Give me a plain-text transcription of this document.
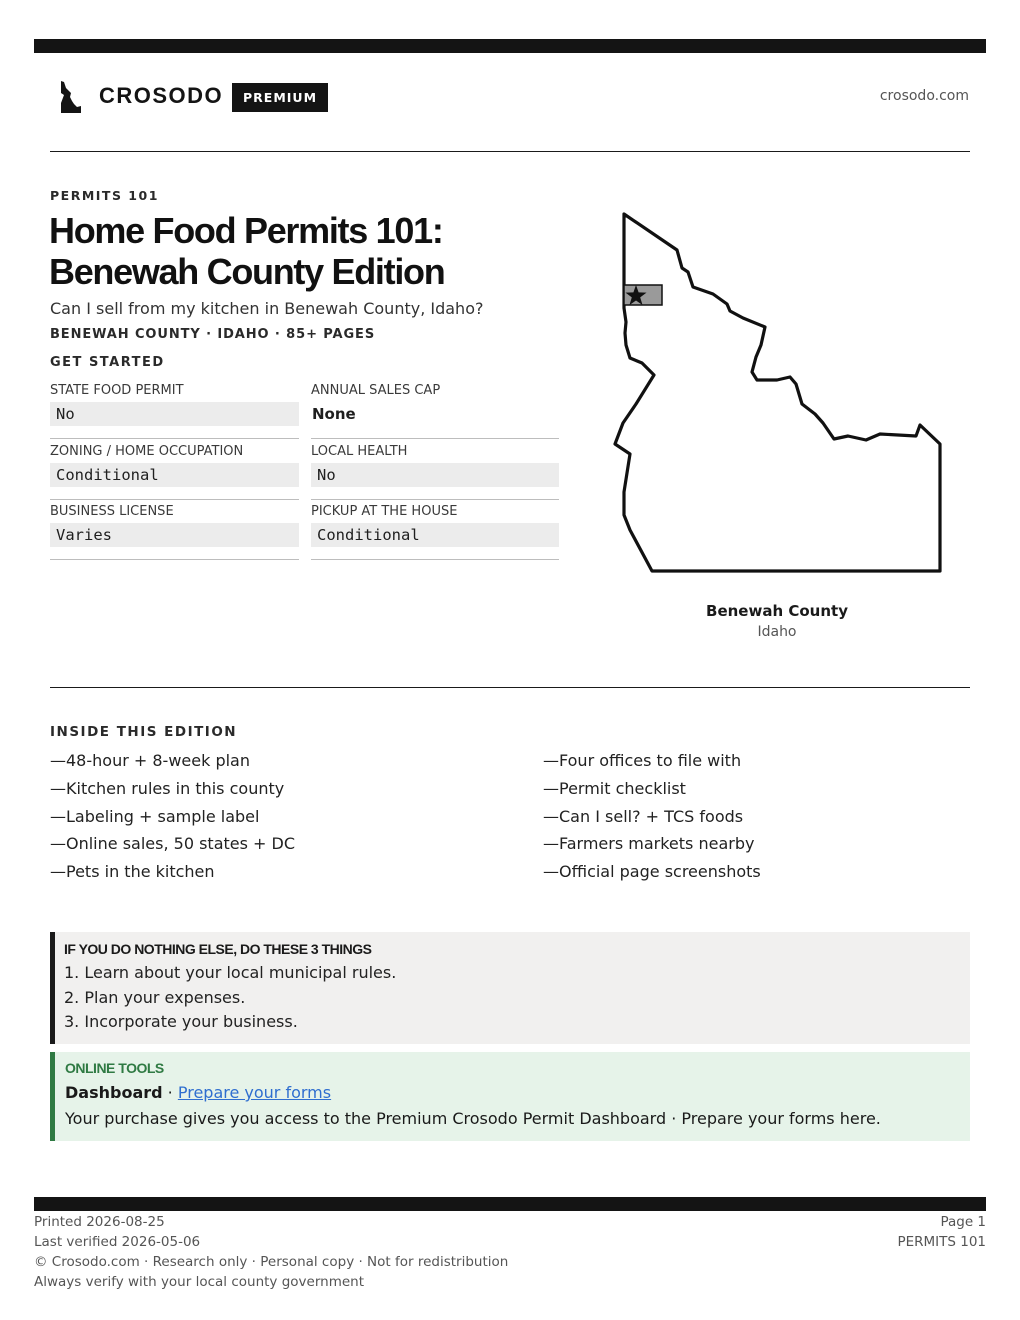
CROSODO	PREMIUM	crosodo.com
PERMITS 101
Home Food Permits 101:
Benewah County Edition
Can I sell from my kitchen in Benewah County, Idaho?
BENEWAH COUNTY · IDAHO · 85+ PAGES
GET STARTED
STATE FOOD PERMIT
No
ANNUAL SALES CAP
None
ZONING / HOME OCCUPATION
Conditional
LOCAL HEALTH
No
BUSINESS LICENSE
Varies
PICKUP AT THE HOUSE
Conditional
Benewah County
Idaho
INSIDE THIS EDITION
—48-hour + 8-week plan
—Kitchen rules in this county
—Labeling + sample label
—Online sales, 50 states + DC
—Pets in the kitchen
—Four offices to file with
—Permit checklist
—Can I sell? + TCS foods
—Farmers markets nearby
—Official page screenshots
IF YOU DO NOTHING ELSE, DO THESE 3 THINGS
1. Learn about your local municipal rules.
2. Plan your expenses.
3. Incorporate your business.
ONLINE TOOLS
Dashboard · Prepare your forms
Your purchase gives you access to the Premium Crosodo Permit Dashboard · Prepare your forms here.
Printed 2026-08-25
Last verified 2026-05-06
© Crosodo.com · Research only · Personal copy · Not for redistribution
Always verify with your local county government
Page 1
PERMITS 101
